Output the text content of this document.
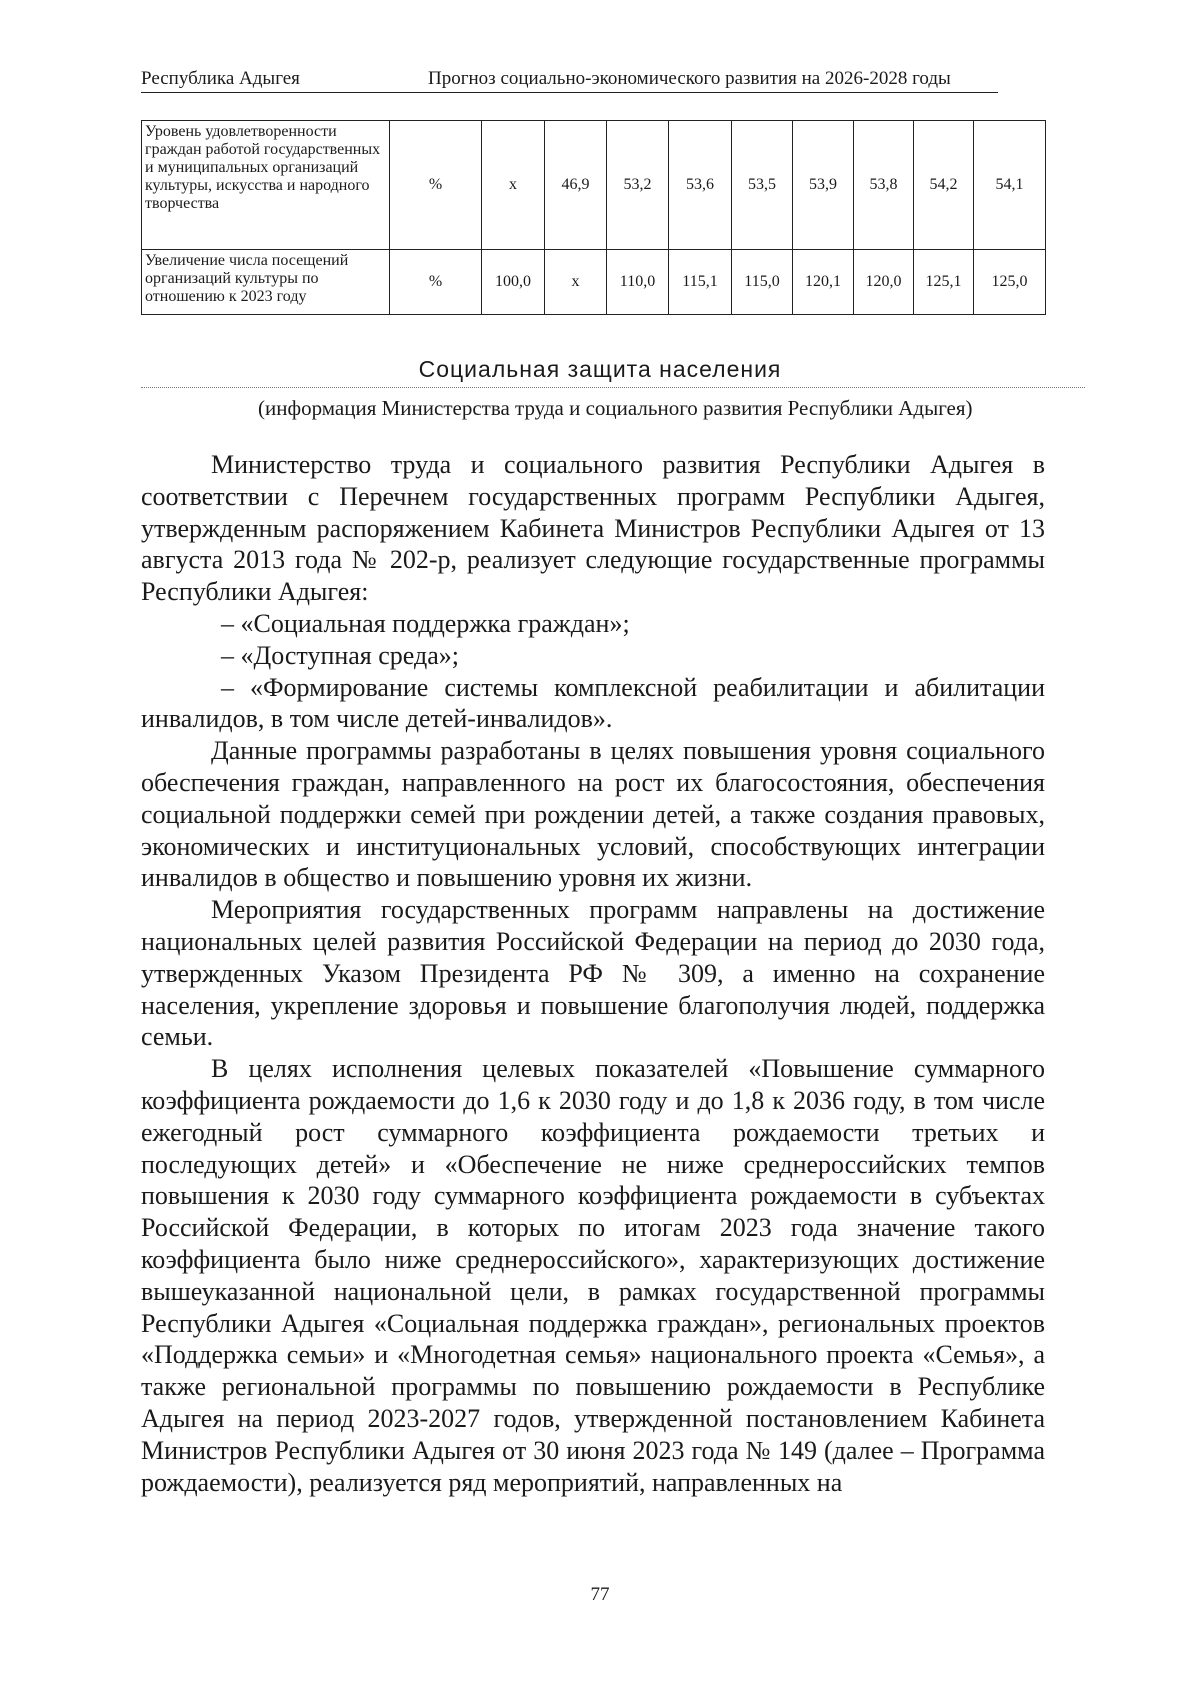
Республика Адыгея	Прогноз социально-экономического развития на 2026-2028 годы
Уровень удовлетворенности граждан работой государственных и муниципальных организаций культуры, искусства и народного творчества	%	х	46,9	53,2	53,6	53,5	53,9	53,8	54,2	54,1
Увеличение числа посещений организаций культуры по отношению к 2023 году	%	100,0	х	110,0	115,1	115,0	120,1	120,0	125,1	125,0
Социальная защита населения
(информация Министерства труда и социального развития Республики Адыгея)

Министерство труда и социального развития Республики Адыгея в соответствии с Перечнем государственных программ Республики Адыгея, утвержденным распоряжением Кабинета Министров Республики Адыгея от 13 августа 2013 года № 202-р, реализует следующие государственные программы Республики Адыгея:

– «Социальная поддержка граждан»;

– «Доступная среда»;

– «Формирование системы комплексной реабилитации и абилитации инвалидов, в том числе детей-инвалидов».

Данные программы разработаны в целях повышения уровня социального обеспечения граждан, направленного на рост их благосостояния, обеспечения социальной поддержки семей при рождении детей, а также создания правовых, экономических и институциональных условий, способствующих интеграции инвалидов в общество и повышению уровня их жизни.

Мероприятия государственных программ направлены на достижение национальных целей развития Российской Федерации на период до 2030 года, утвержденных Указом Президента РФ № 309, а именно на сохранение населения, укрепление здоровья и повышение благополучия людей, поддержка семьи.

В целях исполнения целевых показателей «Повышение суммарного коэффициента рождаемости до 1,6 к 2030 году и до 1,8 к 2036 году, в том числе ежегодный рост суммарного коэффициента рождаемости третьих и последующих детей» и «Обеспечение не ниже среднероссийских темпов повышения к 2030 году суммарного коэффициента рождаемости в субъектах Российской Федерации, в которых по итогам 2023 года значение такого коэффициента было ниже среднероссийского», характеризующих достижение вышеуказанной национальной цели, в рамках государственной программы Республики Адыгея «Социальная поддержка граждан», региональных проектов «Поддержка семьи» и «Многодетная семья» национального проекта «Семья», а также региональной программы по повышению рождаемости в Республике Адыгея на период 2023-2027 годов, утвержденной постановлением Кабинета Министров Республики Адыгея от 30 июня 2023 года № 149 (далее – Программа рождаемости), реализуется ряд мероприятий, направленных на

77
